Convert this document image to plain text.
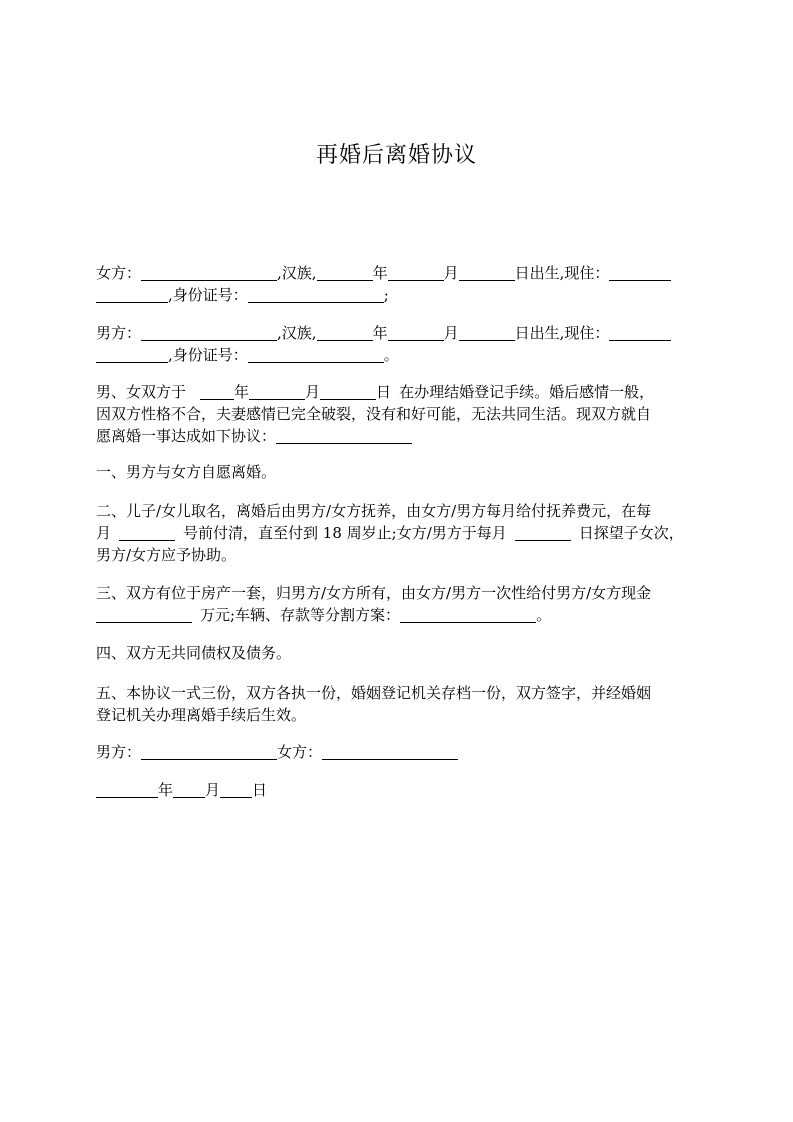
再婚后离婚协议
女方：	,汉族,	年	月	日出生,现住：
,身份证号：	;
男方：	,汉族,	年	月	日出生,现住：
,身份证号：	。
男、女双方于	年	月	日 在办理结婚登记手续。婚后感情一般，
因双方性格不合，夫妻感情已完全破裂，没有和好可能，无法共同生活。现双方就自
愿离婚一事达成如下协议：
一、男方与女方自愿离婚。
二、儿子/女儿取名，离婚后由男方/女方抚养，由女方/男方每月给付抚养费元，在每
月	号前付清，直至付到 18 周岁止;女方/男方于每月	日探望子女次，
男方/女方应予协助。
三、双方有位于房产一套，归男方/女方所有，由女方/男方一次性给付男方/女方现金
万元;车辆、存款等分割方案：	。
四、双方无共同债权及债务。
五、本协议一式三份，双方各执一份，婚姻登记机关存档一份，双方签字，并经婚姻
登记机关办理离婚手续后生效。
男方：	女方：
年 月 日
